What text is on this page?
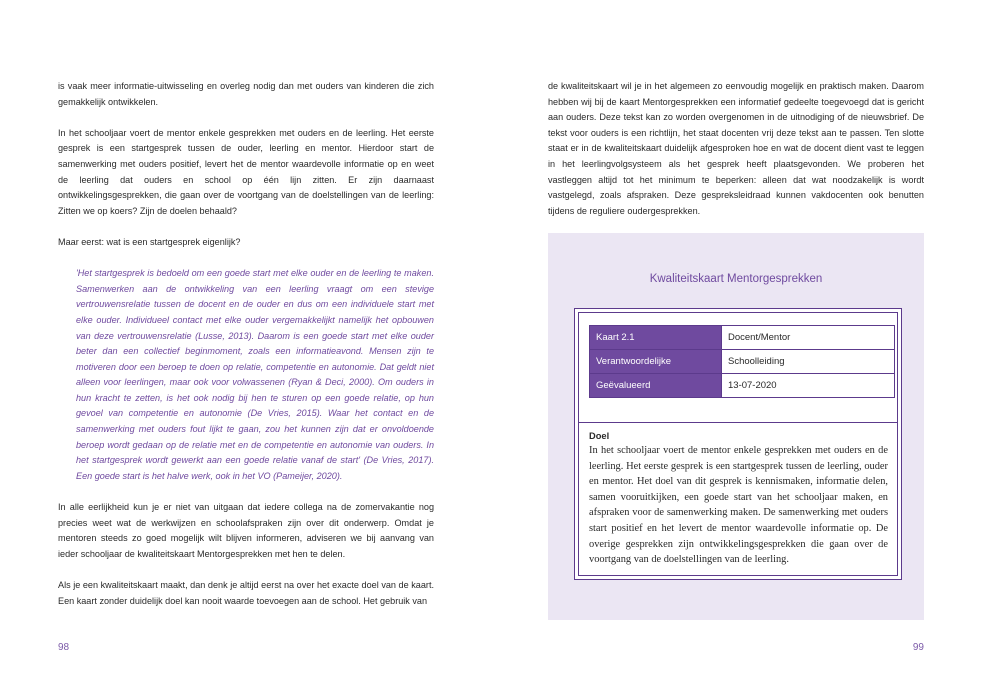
is vaak meer informatie-uitwisseling en overleg nodig dan met ouders van kinderen die zich gemakkelijk ontwikkelen.

In het schooljaar voert de mentor enkele gesprekken met ouders en de leerling. Het eerste gesprek is een startgesprek tussen de ouder, leerling en mentor. Hierdoor start de samenwerking met ouders positief, levert het de mentor waardevolle informatie op en weet de leerling dat ouders en school op één lijn zitten. Er zijn daarnaast ontwikkelingsgesprekken, die gaan over de voortgang van de doelstellingen van de leerling: Zitten we op koers? Zijn de doelen behaald?

Maar eerst: wat is een startgesprek eigenlijk?

'Het startgesprek is bedoeld om een goede start met elke ouder en de leerling te maken. Samenwerken aan de ontwikkeling van een leerling vraagt om een stevige vertrouwensrelatie tussen de docent en de ouder en dus om een individuele start met elke ouder. Individueel contact met elke ouder vergemakkelijkt namelijk het opbouwen van deze vertrouwensrelatie (Lusse, 2013). Daarom is een goede start met elke ouder beter dan een collectief beginmoment, zoals een informatieavond. Mensen zijn te motiveren door een beroep te doen op relatie, competentie en autonomie. Dat geldt niet alleen voor leerlingen, maar ook voor volwassenen (Ryan & Deci, 2000). Om ouders in hun kracht te zetten, is het ook nodig bij hen te sturen op een goede relatie, op hun gevoel van competentie en autonomie (De Vries, 2015). Waar het contact en de samenwerking met ouders fout lijkt te gaan, zou het kunnen zijn dat er onvoldoende beroep wordt gedaan op de relatie met en de competentie en autonomie van ouders. In het startgesprek wordt gewerkt aan een goede relatie vanaf de start' (De Vries, 2017). Een goede start is het halve werk, ook in het VO (Pameijer, 2020).

In alle eerlijkheid kun je er niet van uitgaan dat iedere collega na de zomervakantie nog precies weet wat de werkwijzen en schoolafspraken zijn over dit onderwerp. Omdat je mentoren steeds zo goed mogelijk wilt blijven informeren, adviseren we bij aanvang van ieder schooljaar de kwaliteitskaart Mentorgesprekken met hen te delen.

Als je een kwaliteitskaart maakt, dan denk je altijd eerst na over het exacte doel van de kaart. Een kaart zonder duidelijk doel kan nooit waarde toevoegen aan de school. Het gebruik van

98

de kwaliteitskaart wil je in het algemeen zo eenvoudig mogelijk en praktisch maken. Daarom hebben wij bij de kaart Mentorgesprekken een informatief gedeelte toegevoegd dat is gericht aan ouders. Deze tekst kan zo worden overgenomen in de uitnodiging of de nieuwsbrief. De tekst voor ouders is een richtlijn, het staat docenten vrij deze tekst aan te passen. Ten slotte staat er in de kwaliteitskaart duidelijk afgesproken hoe en wat de docent dient vast te leggen in het leerlingvolgsysteem als het gesprek heeft plaatsgevonden. We proberen het vastleggen altijd tot het minimum te beperken: alleen dat wat noodzakelijk is wordt vastgelegd, zoals afspraken. Deze gespreksleidraad kunnen vakdocenten ook benutten tijdens de reguliere oudergesprekken.

Kwaliteitskaart Mentorgesprekken
Kaart 2.1	Docent/Mentor
Verantwoordelijke	Schoolleiding
Geëvalueerd	13-07-2020

Doel

In het schooljaar voert de mentor enkele gesprekken met ouders en de leerling. Het eerste gesprek is een startgesprek tussen de leerling, ouder en mentor. Het doel van dit gesprek is kennismaken, informatie delen, samen vooruitkijken, een goede start van het schooljaar maken, en afspraken voor de samenwerking maken. De samenwerking met ouders start positief en het levert de mentor waardevolle informatie op. De overige gesprekken zijn ontwikkelingsgesprekken die gaan over de voortgang van de doelstellingen van de leerling.

99
